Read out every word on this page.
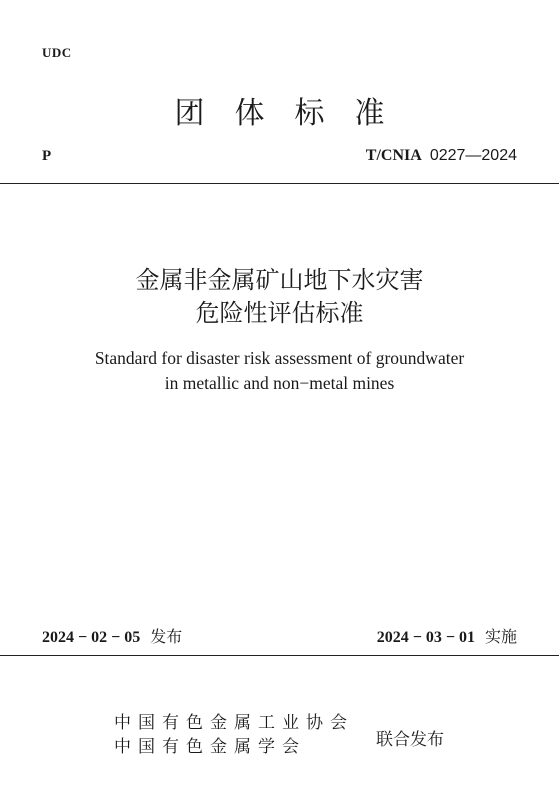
UDC
团体标准
P	T/CNIA 0227—2024
金属非金属矿山地下水灾害
危险性评估标准
Standard for disaster risk assessment of groundwater
in metallic and non−metal mines
2024 − 02 − 05 发布	2024 − 03 − 01 实施
中国有色金属工业协会
中国有色金属学会	联合发布
